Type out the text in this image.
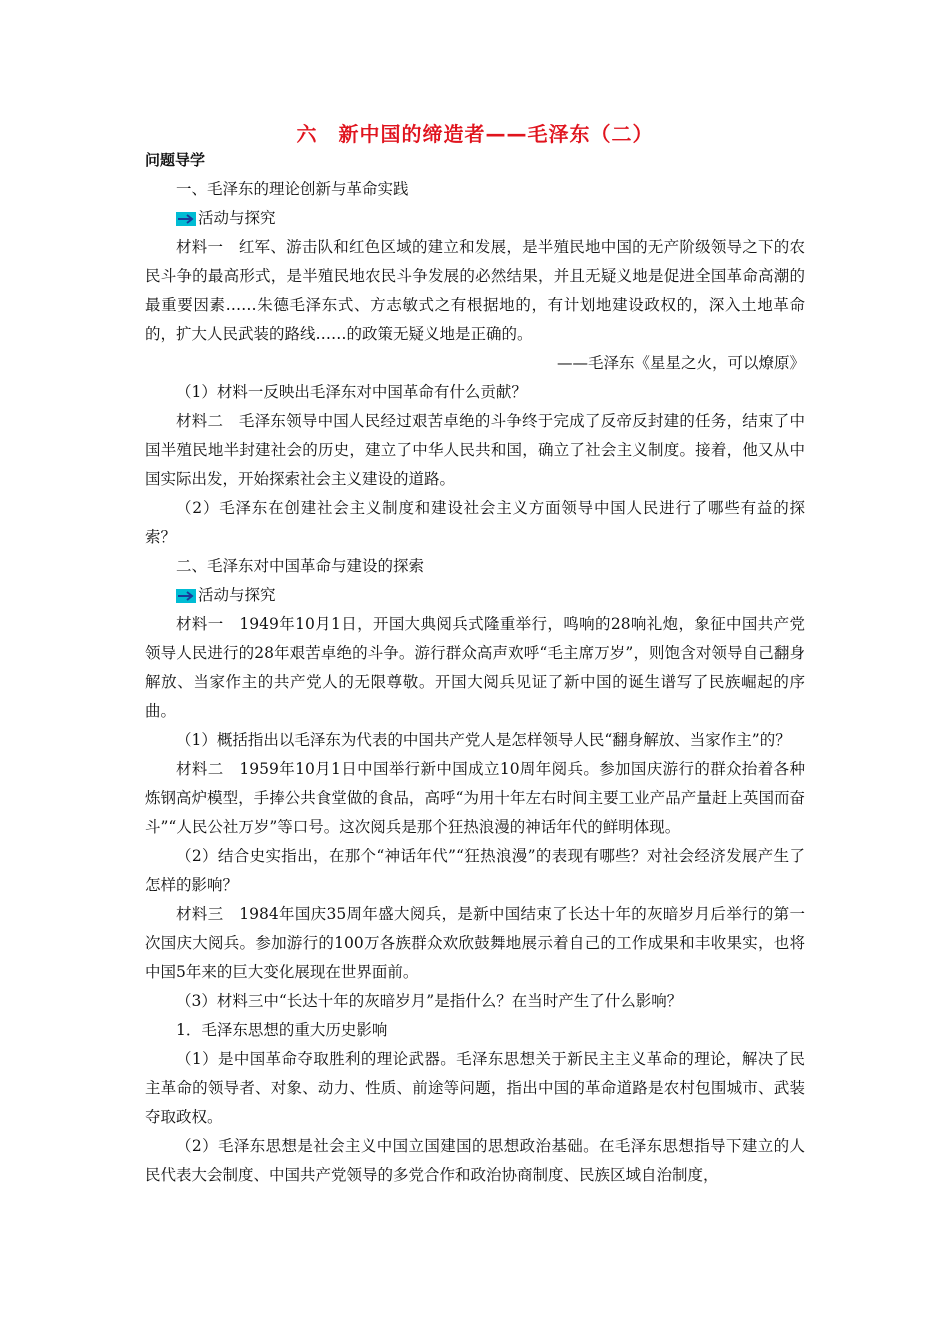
六　新中国的缔造者——毛泽东（二）

问题导学

一、毛泽东的理论创新与革命实践

活动与探究

材料一　红军、游击队和红色区域的建立和发展，是半殖民地中国的无产阶级领导之下的农民斗争的最高形式，是半殖民地农民斗争发展的必然结果，并且无疑义地是促进全国革命高潮的最重要因素……朱德毛泽东式、方志敏式之有根据地的，有计划地建设政权的，深入土地革命的，扩大人民武装的路线……的政策无疑义地是正确的。

——毛泽东《星星之火，可以燎原》

（1）材料一反映出毛泽东对中国革命有什么贡献？

材料二　毛泽东领导中国人民经过艰苦卓绝的斗争终于完成了反帝反封建的任务，结束了中国半殖民地半封建社会的历史，建立了中华人民共和国，确立了社会主义制度。接着，他又从中国实际出发，开始探索社会主义建设的道路。

（2）毛泽东在创建社会主义制度和建设社会主义方面领导中国人民进行了哪些有益的探索？

二、毛泽东对中国革命与建设的探索

活动与探究

材料一　1949年10月1日，开国大典阅兵式隆重举行，鸣响的28响礼炮，象征中国共产党领导人民进行的28年艰苦卓绝的斗争。游行群众高声欢呼“毛主席万岁”，则饱含对领导自己翻身解放、当家作主的共产党人的无限尊敬。开国大阅兵见证了新中国的诞生谱写了民族崛起的序曲。

（1）概括指出以毛泽东为代表的中国共产党人是怎样领导人民“翻身解放、当家作主”的？

材料二　1959年10月1日中国举行新中国成立10周年阅兵。参加国庆游行的群众抬着各种炼钢高炉模型，手捧公共食堂做的食品，高呼“为用十年左右时间主要工业产品产量赶上英国而奋斗”“人民公社万岁”等口号。这次阅兵是那个狂热浪漫的神话年代的鲜明体现。

（2）结合史实指出，在那个“神话年代”“狂热浪漫”的表现有哪些？对社会经济发展产生了怎样的影响？

材料三　1984年国庆35周年盛大阅兵，是新中国结束了长达十年的灰暗岁月后举行的第一次国庆大阅兵。参加游行的100万各族群众欢欣鼓舞地展示着自己的工作成果和丰收果实，也将中国5年来的巨大变化展现在世界面前。

（3）材料三中“长达十年的灰暗岁月”是指什么？在当时产生了什么影响？

1．毛泽东思想的重大历史影响

（1）是中国革命夺取胜利的理论武器。毛泽东思想关于新民主主义革命的理论，解决了民主革命的领导者、对象、动力、性质、前途等问题，指出中国的革命道路是农村包围城市、武装夺取政权。

（2）毛泽东思想是社会主义中国立国建国的思想政治基础。在毛泽东思想指导下建立的人民代表大会制度、中国共产党领导的多党合作和政治协商制度、民族区域自治制度，
